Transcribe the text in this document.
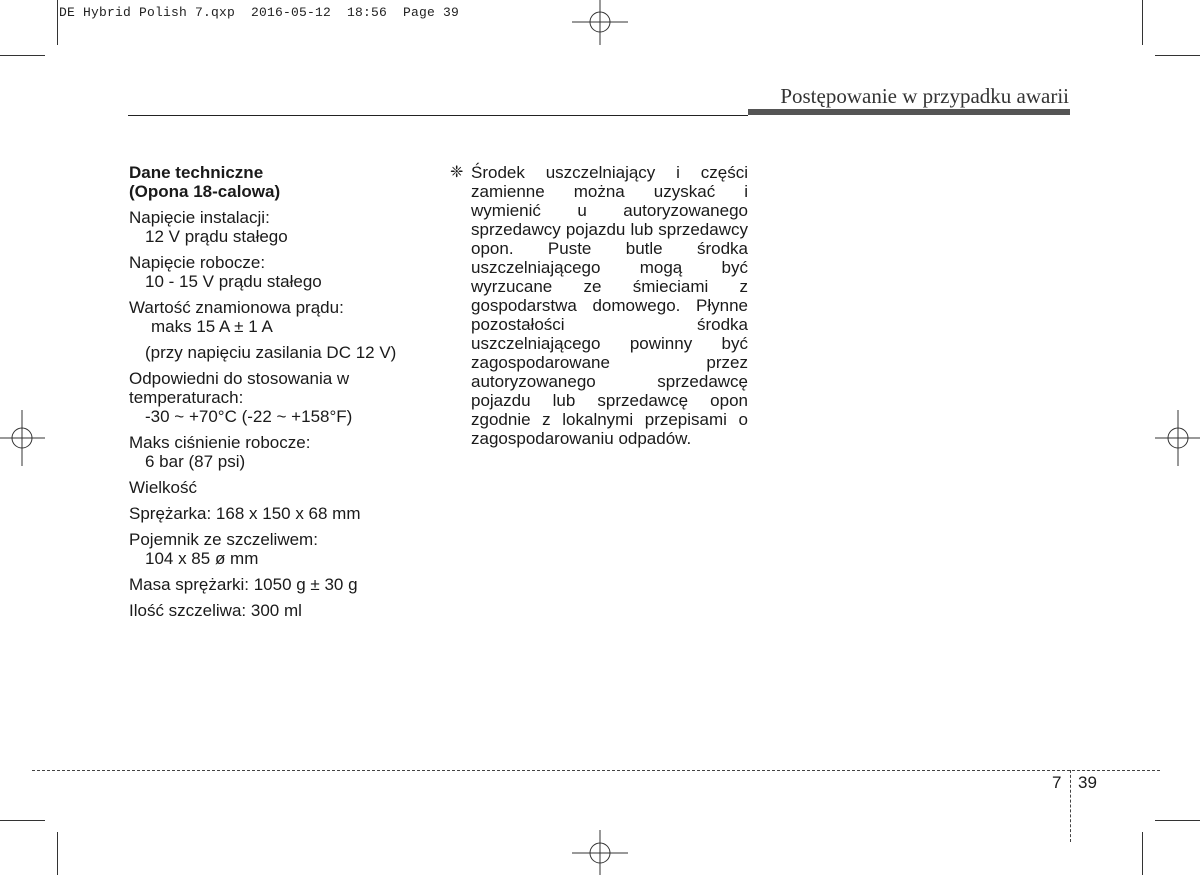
DE Hybrid Polish 7.qxp  2016-05-12  18:56  Page 39
Postępowanie w przypadku awarii
Dane techniczne
(Opona 18-calowa)
Napięcie instalacji:
12 V prądu stałego
Napięcie robocze:
10 - 15 V prądu stałego
Wartość znamionowa prądu:
maks 15 A ± 1 A
(przy napięciu zasilania DC 12 V)
Odpowiedni do stosowania w
temperaturach:
-30 ~ +70°C (-22 ~ +158°F)
Maks ciśnienie robocze:
6 bar (87 psi)
Wielkość
Sprężarka: 168 x 150 x 68 mm
Pojemnik ze szczeliwem:
104 x 85 ø mm
Masa sprężarki: 1050 g ± 30 g
Ilość szczeliwa: 300 ml
❈ Środek uszczelniający i części zamienne można uzyskać i wymienić u autoryzowanego sprzedawcy pojazdu lub sprzedawcy opon. Puste butle środka uszczelniającego mogą być wyrzucane ze śmieciami z gospodarstwa domowego. Płynne pozostałości środka uszczelniającego powinny być zagospodarowane przez autoryzowanego sprzedawcę pojazdu lub sprzedawcę opon zgodnie z lokalnymi przepisami o zagospodarowaniu odpadów.
7 39
